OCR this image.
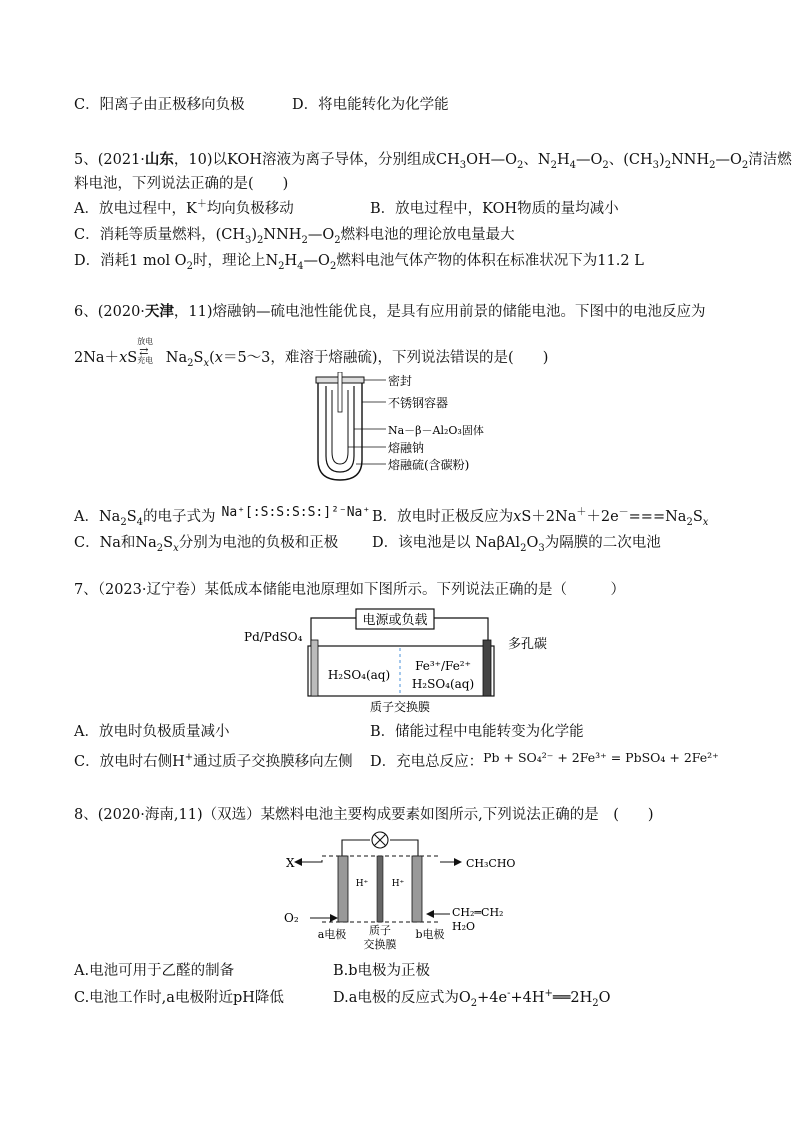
C．阳离子由正极移向负极	D．将电能转化为化学能
5、(2021·山东，10)以KOH溶液为离子导体，分别组成$CH_3OH—O_2$、$N_2H_4—O_2$、$(CH_3)_2NNH_2—O_2$清洁燃
料电池，下列说法正确的是(　　)
A．放电过程中，K＋均向负极移动	B．放电过程中，KOH物质的量均减小
C．消耗等质量燃料，$(CH_3)_2NNH_2—O_2$燃料电池的理论放电量最大
D．消耗1 mol $O_2$时，理论上$N_2H_4—O_2$燃料电池气体产物的体积在标准状况下为11.2 L
6、(2020·天津，11)熔融钠—硫电池性能优良，是具有应用前景的储能电池。下图中的电池反应为
2Na＋xS
放电
⇄
充电 $Na_2S_x(x=5\sim 3$，难溶于熔融硫)，下列说法错误的是(　　)
密封
不锈钢容器
Na－β－Al₂O₃固体
熔融钠
熔融硫(含碳粉)
A．$Na_2S_4$的电子式为 Na⁺[:S:S:S:S:]²⁻Na⁺ B．放电时正极反应为$xS+2Na^++2e^-===Na_2S_x$
C．Na和$Na_2S_x$分别为电池的负极和正极 D．该电池是以 $Na\beta Al_2O_3$为隔膜的二次电池
7、（2023·辽宁卷）某低成本储能电池原理如下图所示。下列说法正确的是（　　　）
电源或负载
Pd/PdSO₄	多孔碳
H₂SO₄(aq)
Fe³⁺/Fe²⁺
H₂SO₄(aq)
质子交换膜
A．放电时负极质量减小	B．储能过程中电能转变为化学能
C．放电时右侧H+通过质子交换膜移向左侧 D．充电总反应：Pb + SO₄²⁻ + 2Fe³⁺ = PbSO₄ + 2Fe²⁺
8、(2020·海南,11)（双选）某燃料电池主要构成要素如图所示,下列说法正确的是　(　　)
H⁺	H⁺
X
O₂
CH₃CHO
CH₂═CH₂
H₂O
a电极 质子
交换膜
b电极
A.电池可用于乙醛的制备	B.b电极为正极
C.电池工作时,a电极附近pH降低	D.a电极的反应式为$O_2+4e^-+4H^+══2H_2O$
